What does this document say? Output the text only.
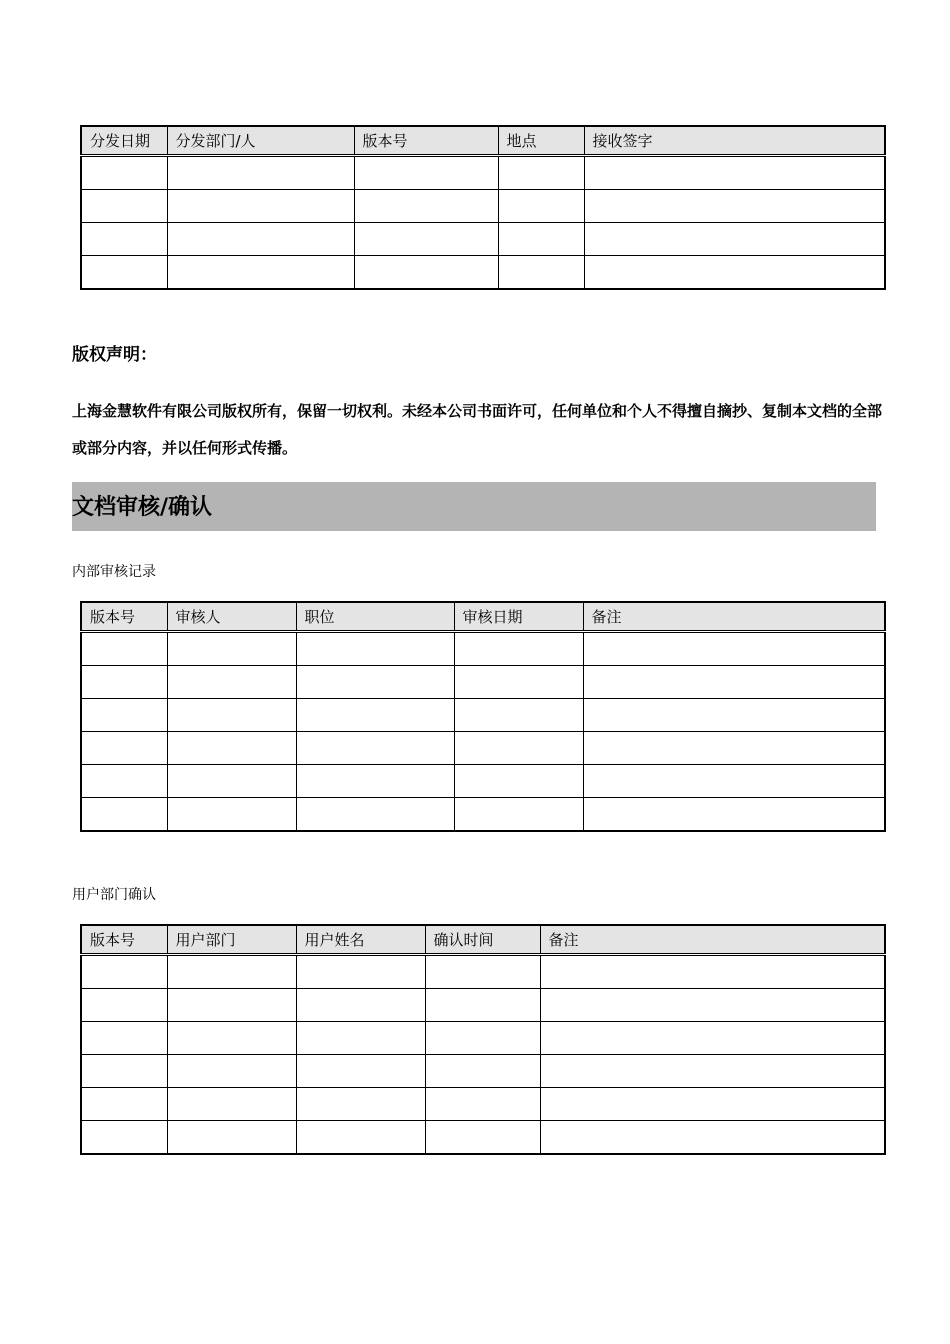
分发日期	分发部门/人	版本号	地点	接收签字

版权声明：
上海金慧软件有限公司版权所有，保留一切权利。未经本公司书面许可，任何单位和个人不得擅自摘抄、复制本文档的全部或部分内容，并以任何形式传播。
文档审核/确认
内部审核记录
版本号	审核人	职位	审核日期	备注

用户部门确认
版本号	用户部门	用户姓名	确认时间	备注
